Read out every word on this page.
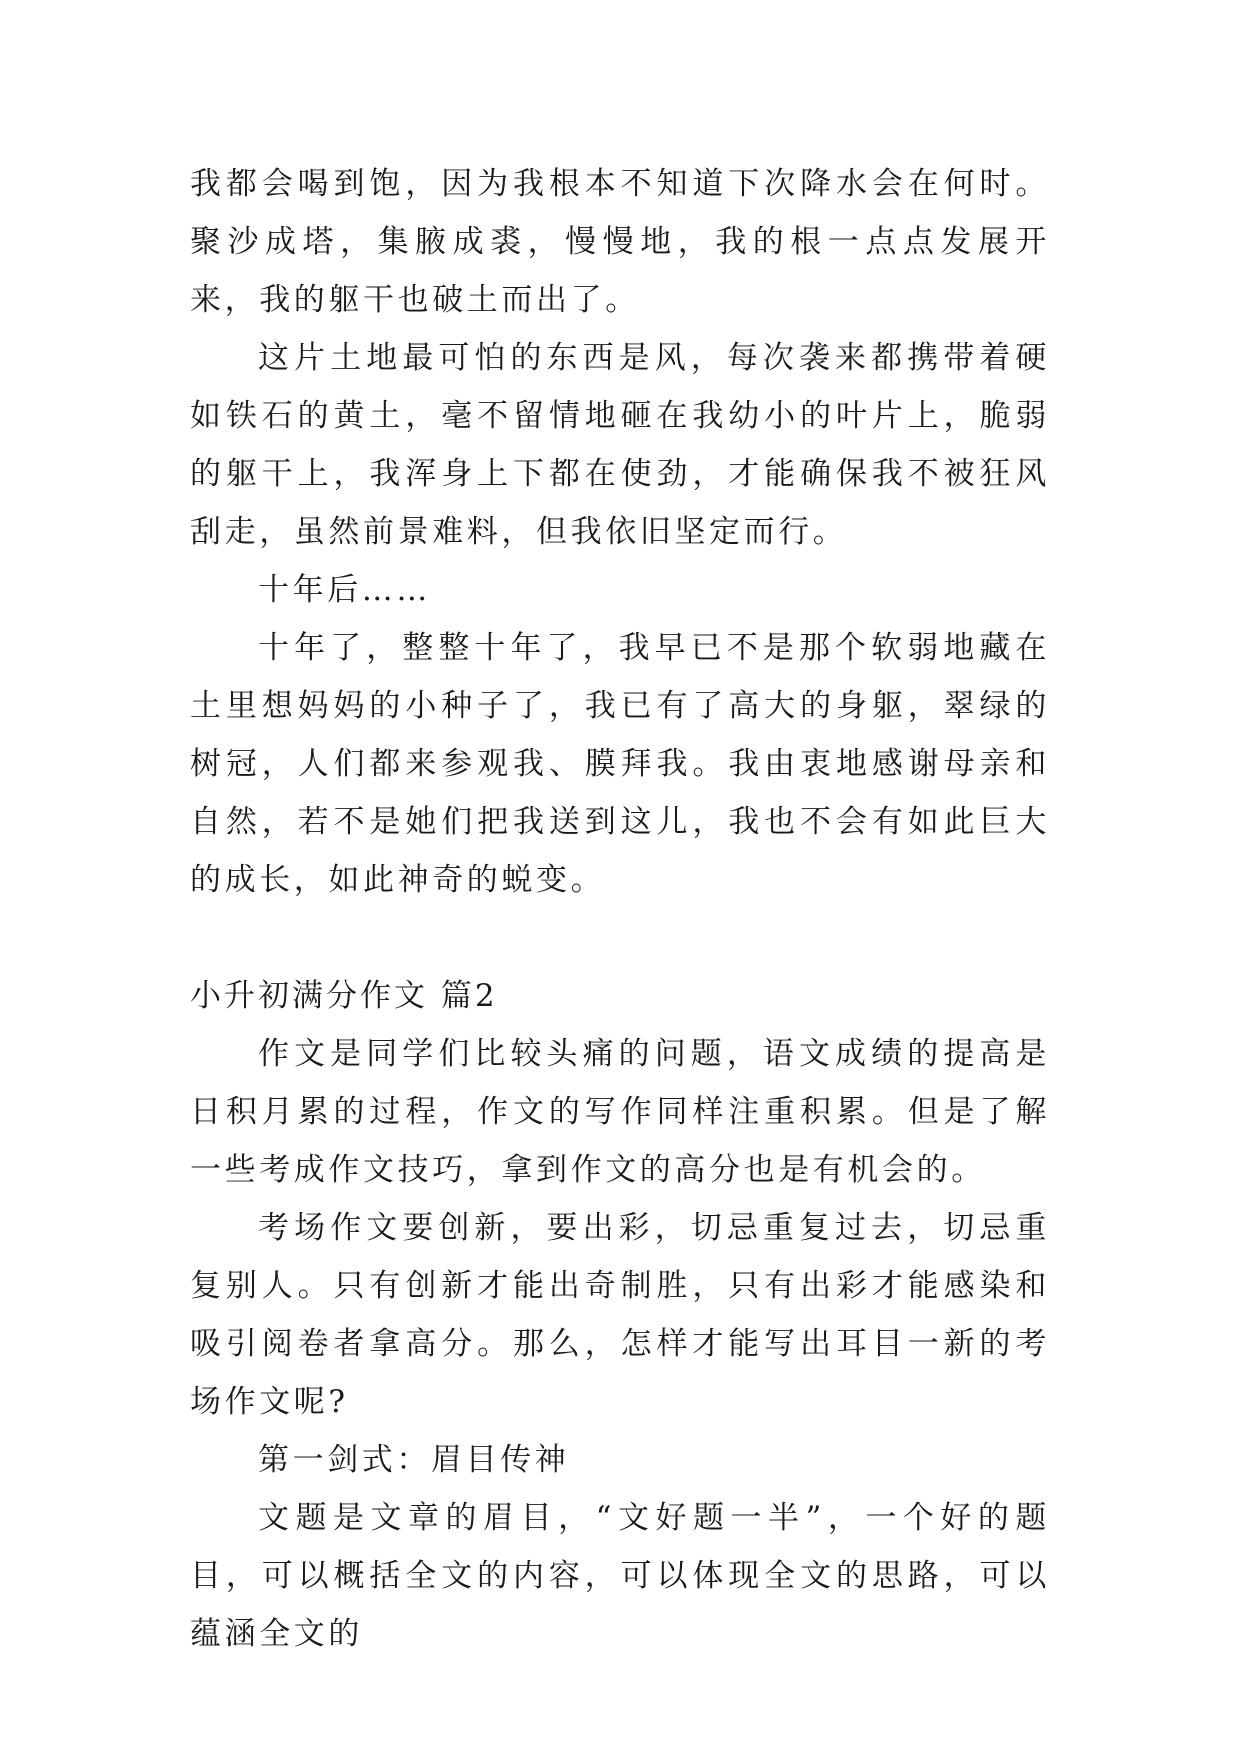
我都会喝到饱，因为我根本不知道下次降水会在何时。聚沙成塔，集腋成裘，慢慢地，我的根一点点发展开来，我的躯干也破土而出了。

这片土地最可怕的东西是风，每次袭来都携带着硬如铁石的黄土，毫不留情地砸在我幼小的叶片上，脆弱的躯干上，我浑身上下都在使劲，才能确保我不被狂风刮走，虽然前景难料，但我依旧坚定而行。

十年后……

十年了，整整十年了，我早已不是那个软弱地藏在土里想妈妈的小种子了，我已有了高大的身躯，翠绿的树冠，人们都来参观我、膜拜我。我由衷地感谢母亲和自然，若不是她们把我送到这儿，我也不会有如此巨大的成长，如此神奇的蜕变。

小升初满分作文 篇2

作文是同学们比较头痛的问题，语文成绩的提高是日积月累的过程，作文的写作同样注重积累。但是了解一些考成作文技巧，拿到作文的高分也是有机会的。

考场作文要创新，要出彩，切忌重复过去，切忌重复别人。只有创新才能出奇制胜，只有出彩才能感染和吸引阅卷者拿高分。那么，怎样才能写出耳目一新的考场作文呢?

第一剑式：眉目传神

文题是文章的眉目，“文好题一半”，一个好的题目，可以概括全文的内容，可以体现全文的思路，可以蕴涵全文的
